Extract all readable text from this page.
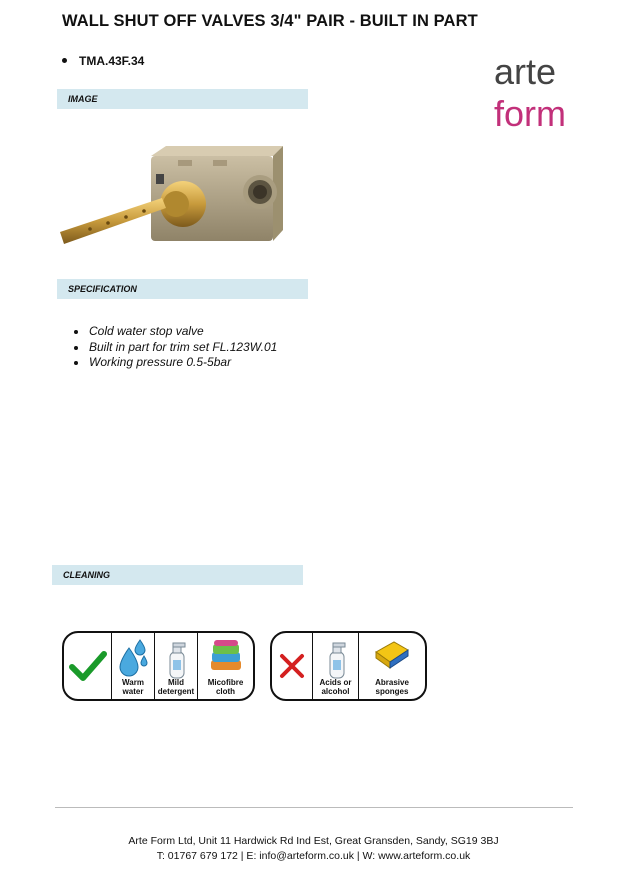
WALL SHUT OFF VALVES 3/4" PAIR - BUILT IN PART
TMA.43F.34	arte
form
IMAGE
SPECIFICATION
Cold water stop valve
Built in part for trim set FL.123W.01
Working pressure 0.5-5bar
CLEANING
Warm
water
Mild
detergent
Micofibre
cloth
Acids or
alcohol
Abrasive
sponges
Arte Form Ltd, Unit 11 Hardwick Rd Ind Est, Great Gransden, Sandy, SG19 3BJ
T: 01767 679 172 | E: info@arteform.co.uk | W: www.arteform.co.uk
